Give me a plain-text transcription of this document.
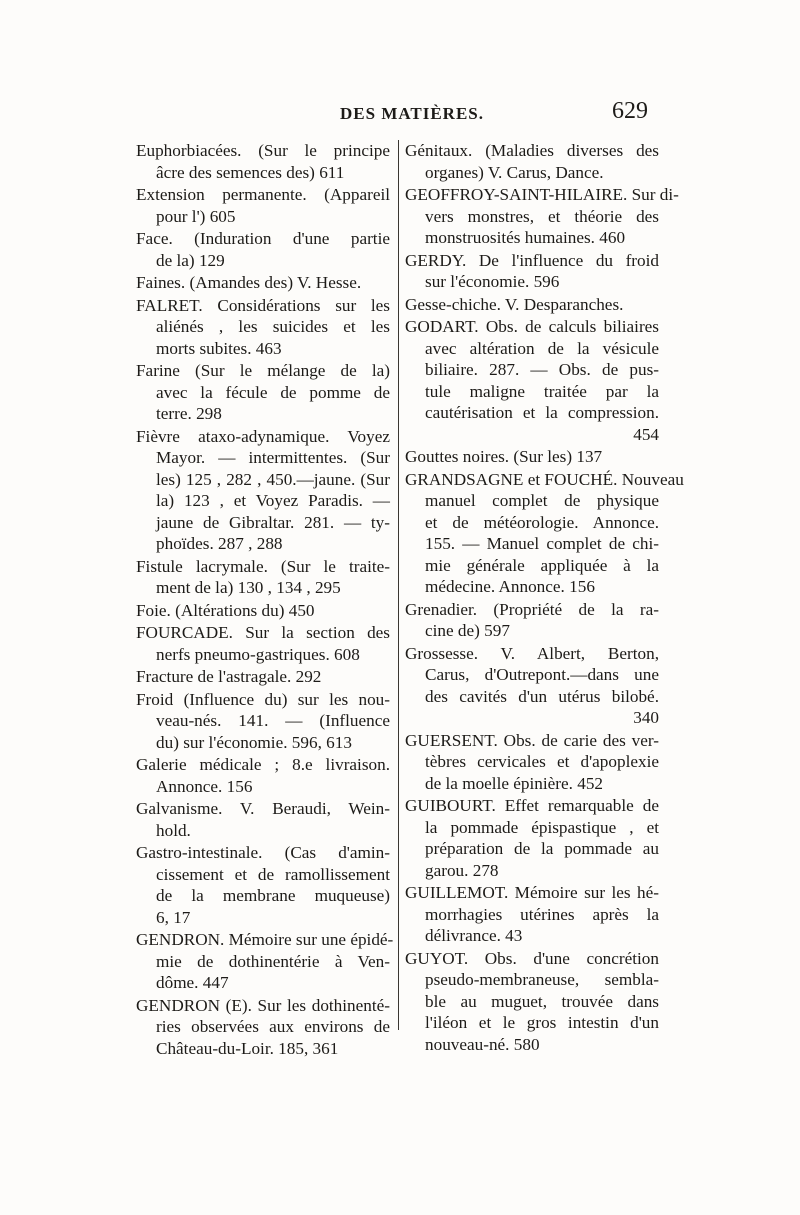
DES MATIÈRES.	629
Euphorbiacées. (Sur le principe
âcre des semences des) 611
Extension permanente. (Appareil
pour l') 605
Face. (Induration d'une partie
de la) 129
Faines. (Amandes des) V. Hesse.
FALRET. Considérations sur les
aliénés , les suicides et les
morts subites. 463
Farine (Sur le mélange de la)
avec la fécule de pomme de
terre. 298
Fièvre ataxo-adynamique. Voyez
Mayor. — intermittentes. (Sur
les) 125 , 282 , 450.—jaune. (Sur
la) 123 , et Voyez Paradis. —
jaune de Gibraltar. 281. — ty-
phoïdes. 287 , 288
Fistule lacrymale. (Sur le traite-
ment de la) 130 , 134 , 295
Foie. (Altérations du) 450
FOURCADE. Sur la section des
nerfs pneumo-gastriques. 608
Fracture de l'astragale. 292
Froid (Influence du) sur les nou-
veau-nés. 141. — (Influence
du) sur l'économie. 596, 613
Galerie médicale ; 8.e livraison.
Annonce. 156
Galvanisme. V. Beraudi, Wein-
hold.
Gastro-intestinale. (Cas d'amin-
cissement et de ramollissement
de la membrane muqueuse)
6, 17
GENDRON. Mémoire sur une épidé-
mie de dothinentérie à Ven-
dôme. 447
GENDRON (E). Sur les dothinenté-
ries observées aux environs de
Château-du-Loir. 185, 361
Génitaux. (Maladies diverses des
organes) V. Carus, Dance.
GEOFFROY-SAINT-HILAIRE. Sur di-
vers monstres, et théorie des
monstruosités humaines. 460
GERDY. De l'influence du froid
sur l'économie. 596
Gesse-chiche. V. Desparanches.
GODART. Obs. de calculs biliaires
avec altération de la vésicule
biliaire. 287. — Obs. de pus-
tule maligne traitée par la
cautérisation et la compression.
454
Gouttes noires. (Sur les) 137
GRANDSAGNE et FOUCHÉ. Nouveau
manuel complet de physique
et de météorologie. Annonce.
155. — Manuel complet de chi-
mie générale appliquée à la
médecine. Annonce. 156
Grenadier. (Propriété de la ra-
cine de) 597
Grossesse. V. Albert, Berton,
Carus, d'Outrepont.—dans une
des cavités d'un utérus bilobé.
340
GUERSENT. Obs. de carie des ver-
tèbres cervicales et d'apoplexie
de la moelle épinière. 452
GUIBOURT. Effet remarquable de
la pommade épispastique , et
préparation de la pommade au
garou. 278
GUILLEMOT. Mémoire sur les hé-
morrhagies utérines après la
délivrance. 43
GUYOT. Obs. d'une concrétion
pseudo-membraneuse, sembla-
ble au muguet, trouvée dans
l'iléon et le gros intestin d'un
nouveau-né. 580
